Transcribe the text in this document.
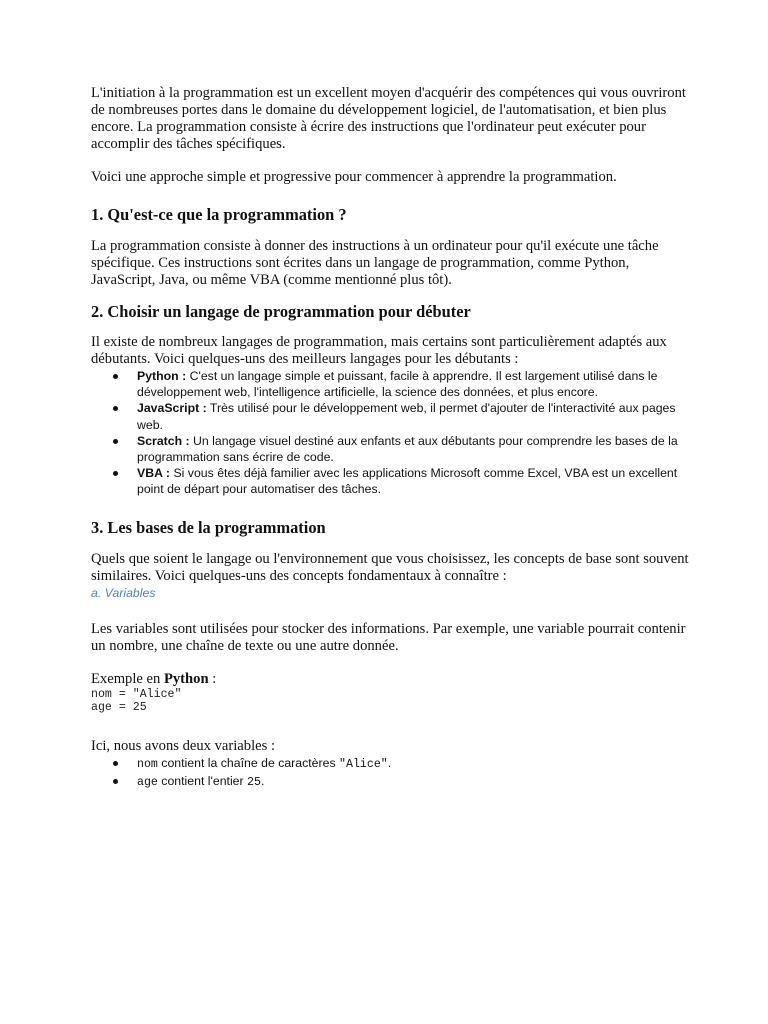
L'initiation à la programmation est un excellent moyen d'acquérir des compétences qui vous ouvriront de nombreuses portes dans le domaine du développement logiciel, de l'automatisation, et bien plus encore. La programmation consiste à écrire des instructions que l'ordinateur peut exécuter pour accomplir des tâches spécifiques.

Voici une approche simple et progressive pour commencer à apprendre la programmation.

1. Qu'est-ce que la programmation ?

La programmation consiste à donner des instructions à un ordinateur pour qu'il exécute une tâche spécifique. Ces instructions sont écrites dans un langage de programmation, comme Python, JavaScript, Java, ou même VBA (comme mentionné plus tôt).

2. Choisir un langage de programmation pour débuter

Il existe de nombreux langages de programmation, mais certains sont particulièrement adaptés aux débutants. Voici quelques-uns des meilleurs langages pour les débutants :

Python : C'est un langage simple et puissant, facile à apprendre. Il est largement utilisé dans le développement web, l'intelligence artificielle, la science des données, et plus encore.
JavaScript : Très utilisé pour le développement web, il permet d'ajouter de l'interactivité aux pages web.
Scratch : Un langage visuel destiné aux enfants et aux débutants pour comprendre les bases de la programmation sans écrire de code.
VBA : Si vous êtes déjà familier avec les applications Microsoft comme Excel, VBA est un excellent point de départ pour automatiser des tâches.
3. Les bases de la programmation

Quels que soient le langage ou l'environnement que vous choisissez, les concepts de base sont souvent similaires. Voici quelques-uns des concepts fondamentaux à connaître :

a. Variables

Les variables sont utilisées pour stocker des informations. Par exemple, une variable pourrait contenir un nombre, une chaîne de texte ou une autre donnée.

Exemple en Python :

nom = "Alice"
age = 25

Ici, nous avons deux variables :

nom contient la chaîne de caractères "Alice".
age contient l'entier 25.
